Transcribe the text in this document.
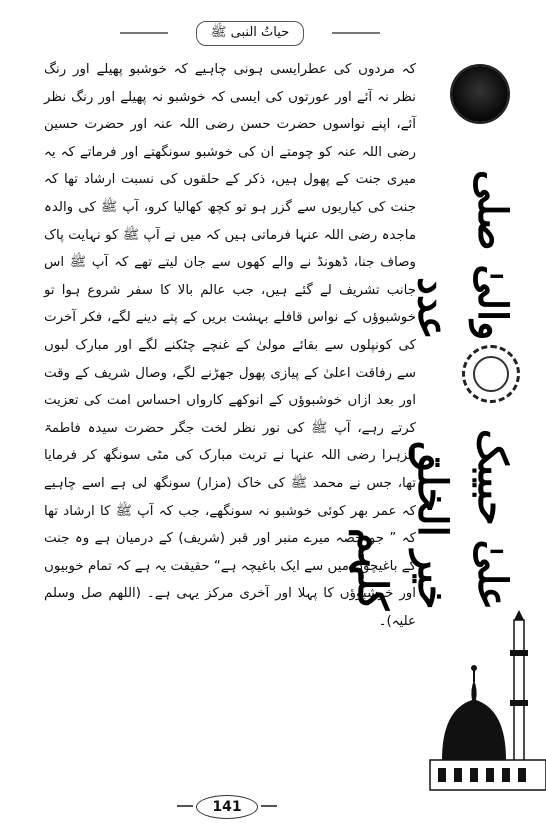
حیاتُ النبی ﷺ

کہ مردوں کی عطرایسی ہونی چاہیے کہ خوشبو پھیلے اور رنگ نظر نہ آئے اور عورتوں کی ایسی کہ خوشبو نہ پھیلے اور رنگ نظر آئے، اپنے نواسوں حضرت حسن رضی اللہ عنہ اور حضرت حسین رضی اللہ عنہ کو چومتے ان کی خوشبو سونگھتے اور فرماتے کہ یہ میری جنت کے پھول ہیں، ذکر کے حلقوں کی نسبت ارشاد تھا کہ جنت کی کیاریوں سے گزر ہو تو کچھ کھالیا کرو، آپ ﷺ کی والدہ ماجدہ رضی اللہ عنہا فرماتی ہیں کہ میں نے آپ ﷺ کو نہایت پاک وصاف جنا، ڈھونڈ نے والے کھوں سے جان لیتے تھے کہ آپ ﷺ اس جانب تشریف لے گئے ہیں، جب عالم بالا کا سفر شروع ہوا تو خوشبوؤں کے نواس قافلے بہشت بریں کے پتے دینے لگے، فکر آخرت کی کونپلوں سے بقائے مولیٰ کے غنچے چٹکنے لگے اور مبارک لبوں سے رفاقت اعلیٰ کے پیازی پھول جھڑنے لگے، وصال شریف کے وقت اور بعد ازاں خوشبوؤں کے انوکھے کارواں احساس امت کی تعزیت کرتے رہے، آپ ﷺ کی نور نظر لخت جگر حضرت سیدہ فاطمۃ الزہرا رضی اللہ عنہا نے تربت مبارک کی مٹی سونگھ کر فرمایا تھا، جس نے محمد ﷺ کی خاک (مزار) سونگھ لی ہے اسے چاہیے کہ عمر بھر کوئی خوشبو نہ سونگھے، جب کہ آپ ﷺ کا ارشاد تھا کہ ” جو حصہ میرے منبر اور قبر (شریف) کے درمیان ہے وہ جنت کے باغیچوں میں سے ایک باغیچہ ہے“ حقیقت یہ ہے کہ تمام خوبیوں اور خوشبوؤں کا پہلا اور آخری مرکز یہی ہے۔ (اللھم صل وسلم علیہ)۔

والیٰ صلی عدد
علیٰ حبیبک خیر الخلق کلہم
141
